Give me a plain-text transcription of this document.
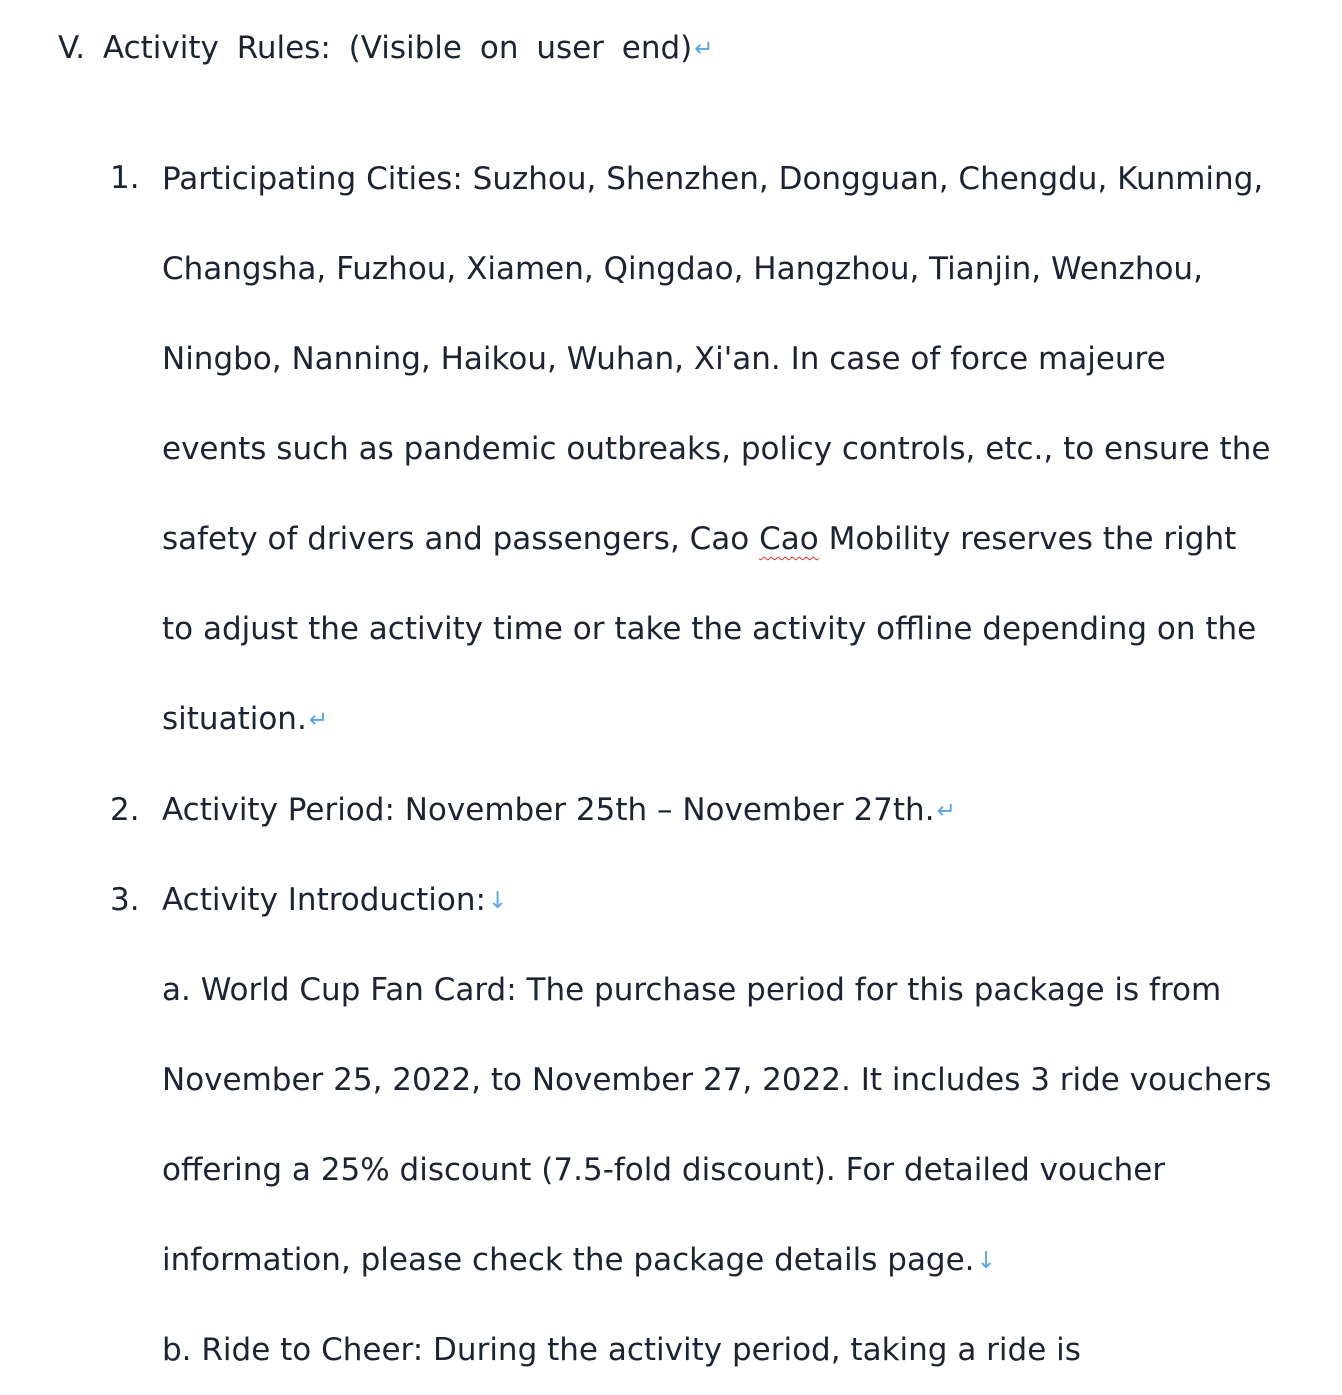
V. Activity Rules: (Visible on user end)↵
1. Participating Cities: Suzhou, Shenzhen, Dongguan, Chengdu, Kunming, Changsha, Fuzhou, Xiamen, Qingdao, Hangzhou, Tianjin, Wenzhou, Ningbo, Nanning, Haikou, Wuhan, Xi'an. In case of force majeure events such as pandemic outbreaks, policy controls, etc., to ensure the safety of drivers and passengers, Cao Cao Mobility reserves the right to adjust the activity time or take the activity offline depending on the situation.↵
2. Activity Period: November 25th – November 27th.↵
3. Activity Introduction:↓
a. World Cup Fan Card: The purchase period for this package is from November 25, 2022, to November 27, 2022. It includes 3 ride vouchers offering a 25% discount (7.5-fold discount). For detailed voucher information, please check the package details page.↓
b. Ride to Cheer: During the activity period, taking a ride is
